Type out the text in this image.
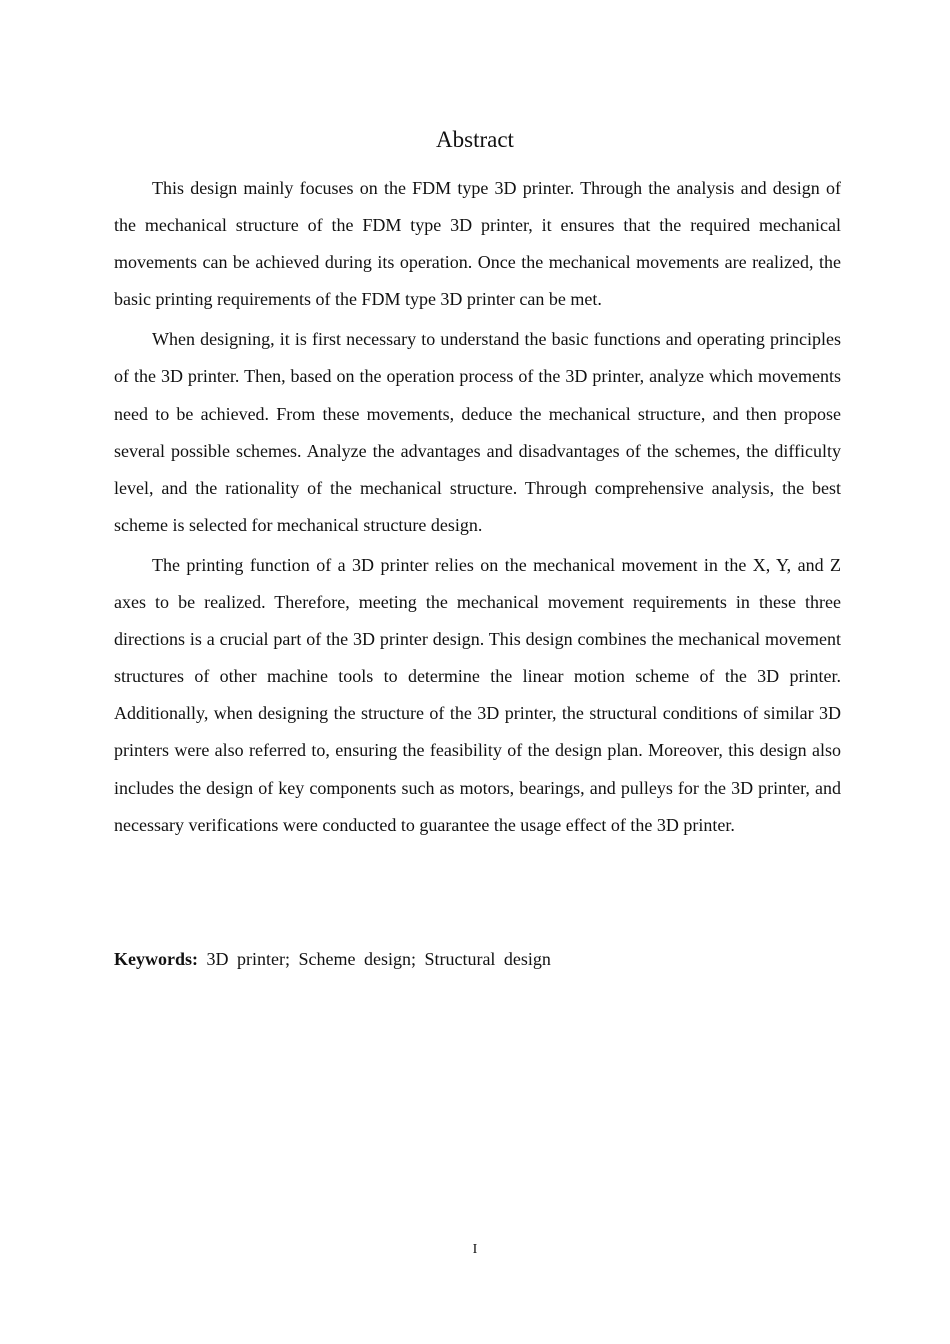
Abstract

This design mainly focuses on the FDM type 3D printer. Through the analysis and design of the mechanical structure of the FDM type 3D printer, it ensures that the required mechanical movements can be achieved during its operation. Once the mechanical movements are realized, the basic printing requirements of the FDM type 3D printer can be met.

When designing, it is first necessary to understand the basic functions and operating principles of the 3D printer. Then, based on the operation process of the 3D printer, analyze which movements need to be achieved. From these movements, deduce the mechanical structure, and then propose several possible schemes. Analyze the advantages and disadvantages of the schemes, the difficulty level, and the rationality of the mechanical structure. Through comprehensive analysis, the best scheme is selected for mechanical structure design.

The printing function of a 3D printer relies on the mechanical movement in the X, Y, and Z axes to be realized. Therefore, meeting the mechanical movement requirements in these three directions is a crucial part of the 3D printer design. This design combines the mechanical movement structures of other machine tools to determine the linear motion scheme of the 3D printer. Additionally, when designing the structure of the 3D printer, the structural conditions of similar 3D printers were also referred to, ensuring the feasibility of the design plan. Moreover, this design also includes the design of key components such as motors, bearings, and pulleys for the 3D printer, and necessary verifications were conducted to guarantee the usage effect of the 3D printer.

Keywords: 3D printer; Scheme design; Structural design

I
